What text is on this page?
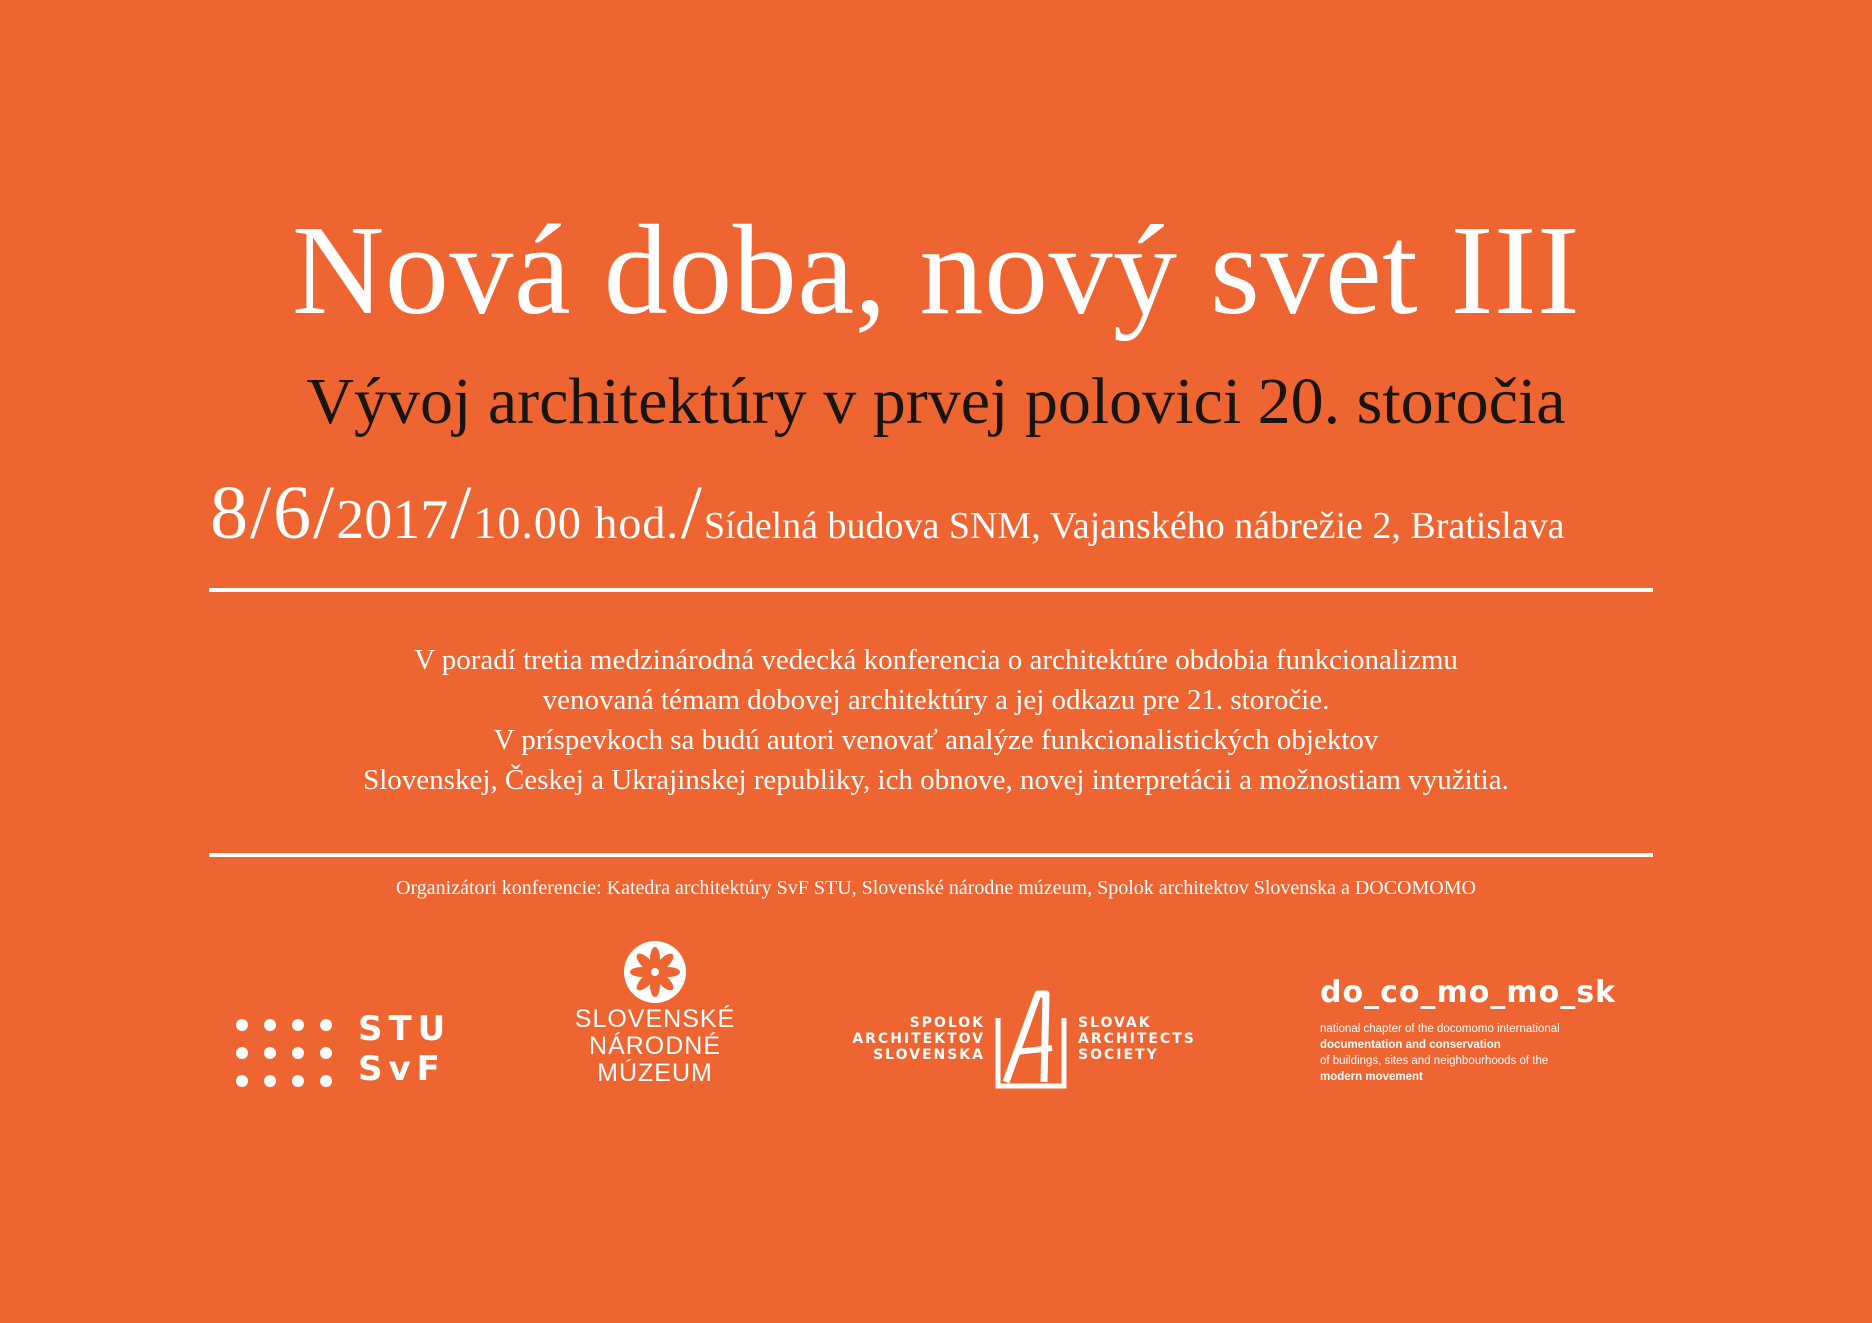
Nová doba, nový svet III
Vývoj architektúry v prvej polovici 20. storočia
8/6/2017/10.00 hod./Sídelná budova SNM, Vajanského nábrežie 2, Bratislava
V poradí tretia medzinárodná vedecká konferencia o architektúre obdobia funkcionalizmu
venovaná témam dobovej architektúry a jej odkazu pre 21. storočie.
V príspevkoch sa budú autori venovať analýze funkcionalistických objektov
Slovenskej, Českej a Ukrajinskej republiky, ich obnove, novej interpretácii a možnostiam využitia.
Organizátori konferencie: Katedra architektúry SvF STU, Slovenské národne múzeum, Spolok architektov Slovenska a DOCOMOMO
STU
SvF
SLOVENSKÉ
NÁRODNÉ
MÚZEUM
SPOLOK
ARCHITEKTOV
SLOVENSKA
SLOVAK
ARCHITECTS
SOCIETY
do_co_mo_mo_sk
national chapter of the docomomo international
documentation and conservation
of buildings, sites and neighbourhoods of the
modern movement
